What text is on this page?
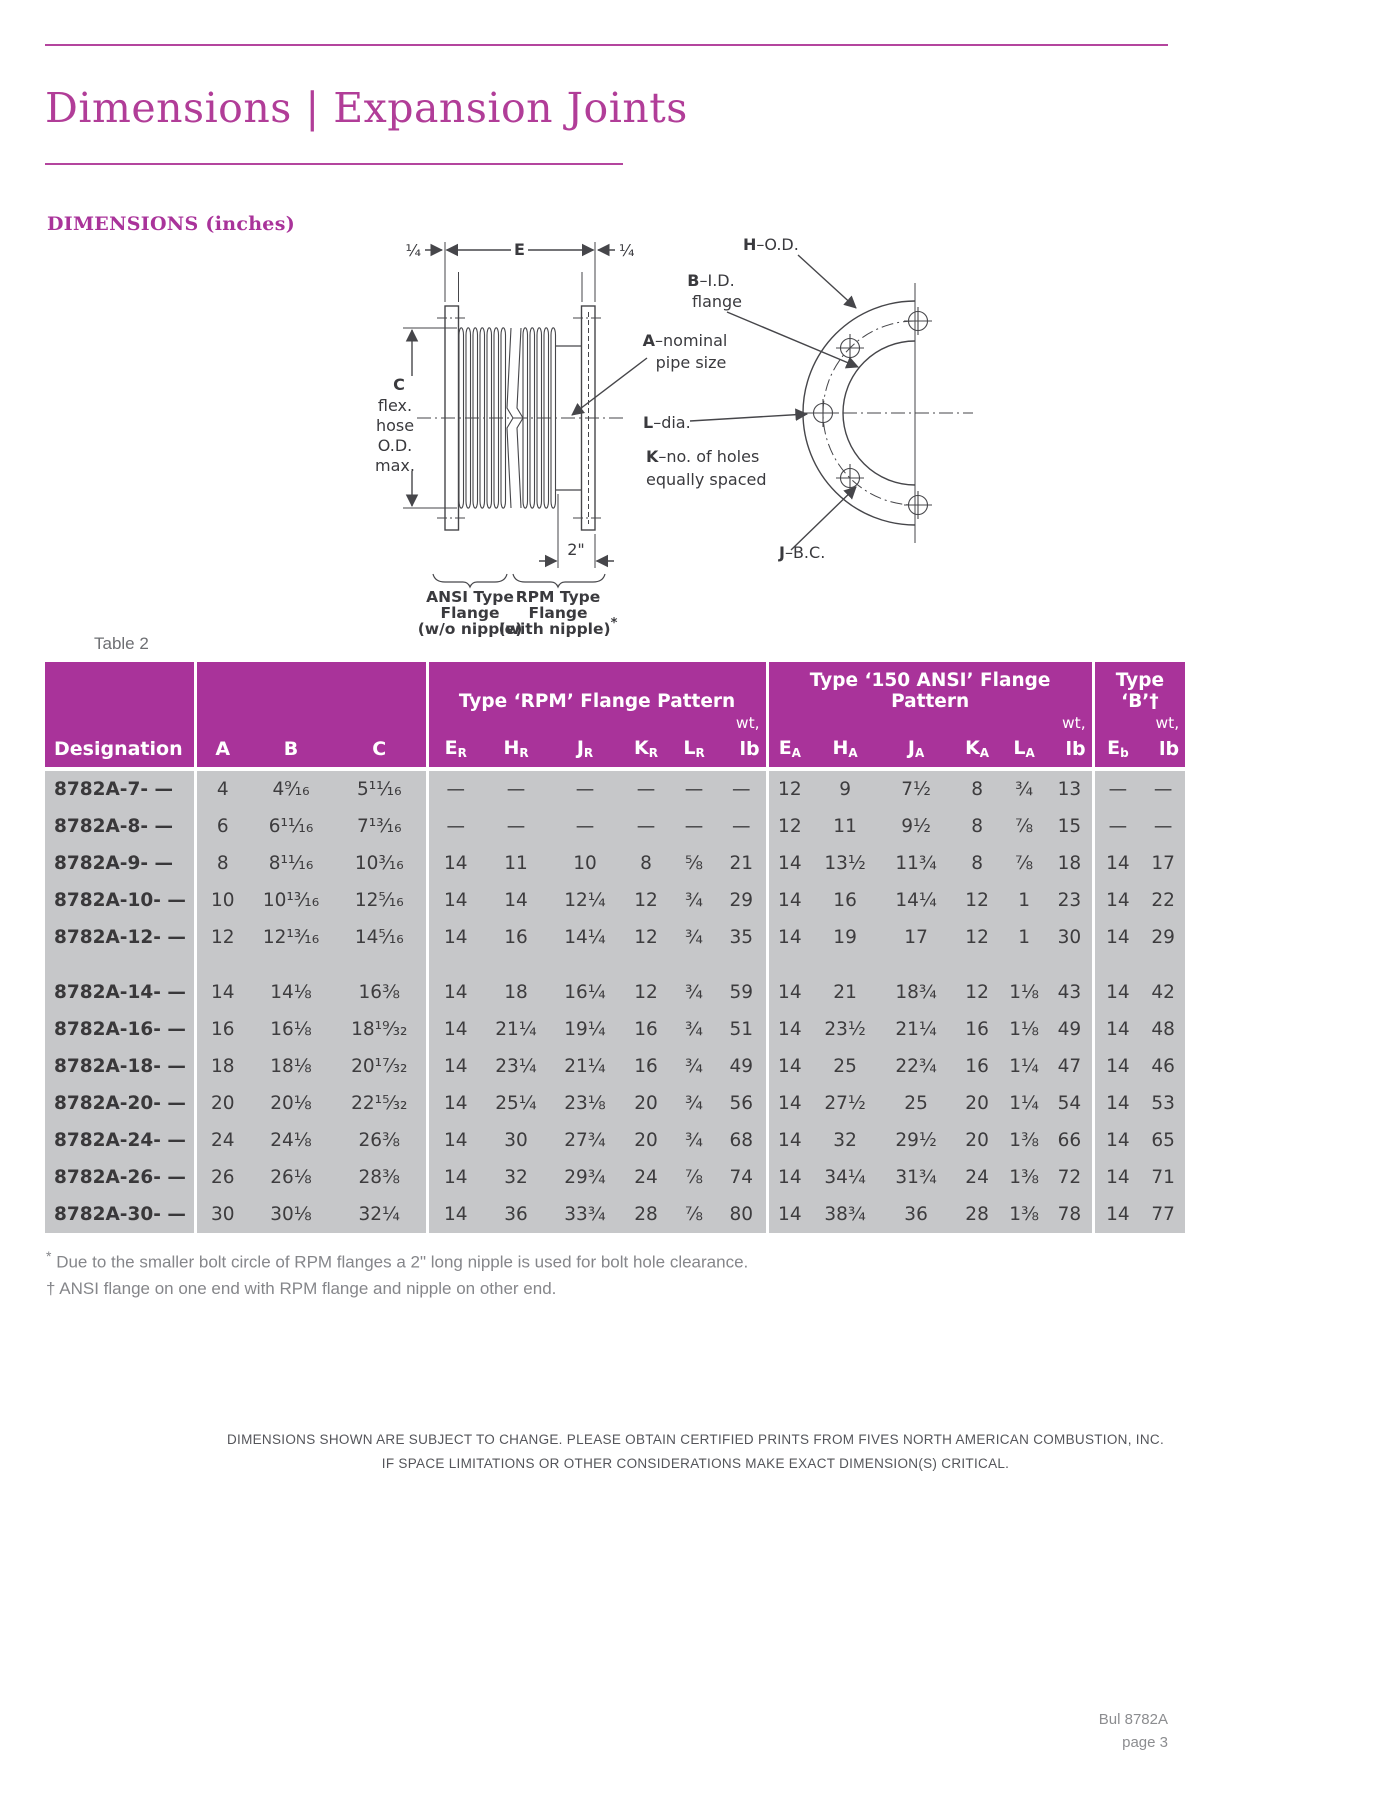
Dimensions | Expansion Joints
DIMENSIONS (inches)
E
¼	¼
C
flex.
hose
O.D.
max.
A–nominal
pipe size
H–O.D.
B–I.D.
flange
L–dia.
K–no. of holes
equally spaced
J–B.C.
2"
ANSI Type
Flange
(w/o nipple)
RPM Type
Flange
(with nipple)*
Table 2
				Type ‘RPM’ Flange Pattern						Type ‘150 ANSI’ Flange Pattern						Type ‘B’†	
									wt,						wt,		wt,
Designation	A	B	C	$E_R$	$H_R$	$J_R$	$K_R$	$L_R$	lb	$E_A$	$H_A$	$J_A$	$K_A$	$L_A$	lb	$E_b$	lb
8782A-7- —	4	4⁹⁄₁₆	5¹¹⁄₁₆	—	—	—	—	—	—	12	9	7½	8	¾	13	—	—
8782A-8- —	6	6¹¹⁄₁₆	7¹³⁄₁₆	—	—	—	—	—	—	12	11	9½	8	⅞	15	—	—
8782A-9- —	8	8¹¹⁄₁₆	10³⁄₁₆	14	11	10	8	⅝	21	14	13¹⁄₂	11¾	8	⅞	18	14	17
8782A-10- —	10	10¹³⁄₁₆	12⁵⁄₁₆	14	14	12¼	12	¾	29	14	16	14¼	12	1	23	14	22
8782A-12- —	12	12¹³⁄₁₆	14⁵⁄₁₆	14	16	14¼	12	¾	35	14	19	17	12	1	30	14	29
8782A-14- —	14	14⅛	16⅜	14	18	16¼	12	¾	59	14	21	18¾	12	1⅛	43	14	42
8782A-16- —	16	16⅛	18¹⁹⁄₃₂	14	21¼	19¼	16	¾	51	14	23½	21¼	16	1⅛	49	14	48
8782A-18- —	18	18⅛	20¹⁷⁄₃₂	14	23¼	21¼	16	¾	49	14	25	22¾	16	1¼	47	14	46
8782A-20- —	20	20⅛	22¹⁵⁄₃₂	14	25¼	23⅛	20	¾	56	14	27½	25	20	1¼	54	14	53
8782A-24- —	24	24⅛	26⅜	14	30	27¾	20	¾	68	14	32	29½	20	1⅜	66	14	65
8782A-26- —	26	26⅛	28⅜	14	32	29¾	24	⅞	74	14	34¼	31¾	24	1⅜	72	14	71
8782A-30- —	30	30⅛	32¼	14	36	33¾	28	⅞	80	14	38¾	36	28	1⅜	78	14	77
* Due to the smaller bolt circle of RPM flanges a 2" long nipple is used for bolt hole clearance.
† ANSI flange on one end with RPM flange and nipple on other end.
DIMENSIONS SHOWN ARE SUBJECT TO CHANGE. PLEASE OBTAIN CERTIFIED PRINTS FROM FIVES NORTH AMERICAN COMBUSTION, INC.
IF SPACE LIMITATIONS OR OTHER CONSIDERATIONS MAKE EXACT DIMENSION(S) CRITICAL.
Bul 8782A
page 3
